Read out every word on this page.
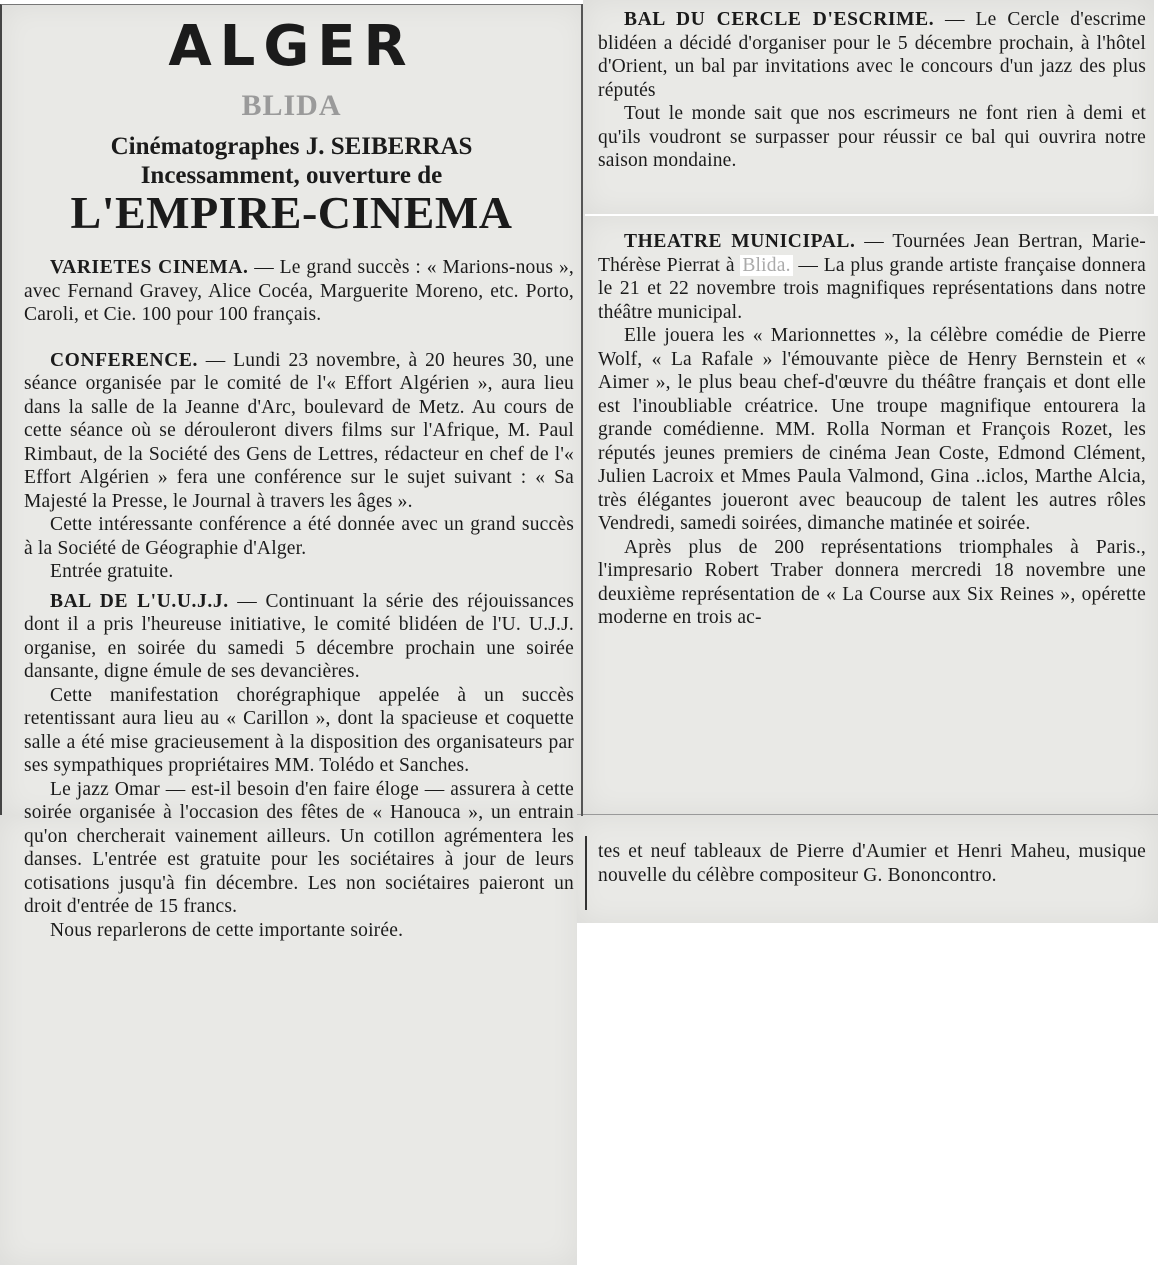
ALGER
BLIDA
Cinématographes J. SEIBERRAS
Incessamment, ouverture de
L'EMPIRE-CINEMA

VARIETES CINEMA. — Le grand succès : « Marions-nous », avec Fernand Gravey, Alice Cocéa, Marguerite Moreno, etc. Porto, Caroli, et Cie. 100 pour 100 français.

CONFERENCE. — Lundi 23 novembre, à 20 heures 30, une séance organisée par le comité de l'« Effort Algérien », aura lieu dans la salle de la Jeanne d'Arc, boulevard de Metz. Au cours de cette séance où se dérouleront divers films sur l'Afrique, M. Paul Rimbaut, de la Société des Gens de Lettres, rédacteur en chef de l'« Effort Algérien » fera une conférence sur le sujet suivant : « Sa Majesté la Presse, le Journal à travers les âges ».

Cette intéressante conférence a été donnée avec un grand succès à la Société de Géographie d'Alger.

Entrée gratuite.

BAL DE L'U.U.J.J. — Continuant la série des réjouissances dont il a pris l'heureuse initiative, le comité blidéen de l'U. U.J.J. organise, en soirée du samedi 5 décembre prochain une soirée dansante, digne émule de ses devancières.

Cette manifestation chorégraphique appelée à un succès retentissant aura lieu au « Carillon », dont la spacieuse et coquette salle a été mise gracieusement à la disposition des organisateurs par ses sympathiques propriétaires MM. Tolédo et Sanches.

Le jazz Omar — est-il besoin d'en faire éloge — assurera à cette soirée organisée à l'occasion des fêtes de « Hanouca », un entrain qu'on chercherait vainement ailleurs. Un cotillon agrémentera les danses. L'entrée est gratuite pour les sociétaires à jour de leurs cotisations jusqu'à fin décembre. Les non sociétaires paieront un droit d'entrée de 15 francs.

Nous reparlerons de cette importante soirée.

BAL DU CERCLE D'ESCRIME. — Le Cercle d'escrime blidéen a décidé d'organiser pour le 5 décembre prochain, à l'hôtel d'Orient, un bal par invitations avec le concours d'un jazz des plus réputés

Tout le monde sait que nos escrimeurs ne font rien à demi et qu'ils voudront se surpasser pour réussir ce bal qui ouvrira notre saison mondaine.

THEATRE MUNICIPAL. — Tournées Jean Bertran, Marie-Thérèse Pierrat à Blida. — La plus grande artiste française donnera le 21 et 22 novembre trois magnifiques représentations dans notre théâtre municipal.

Elle jouera les « Marionnettes », la célèbre comédie de Pierre Wolf, « La Rafale » l'émouvante pièce de Henry Bernstein et « Aimer », le plus beau chef-d'œuvre du théâtre français et dont elle est l'inoubliable créatrice. Une troupe magnifique entourera la grande comédienne. MM. Rolla Norman et François Rozet, les réputés jeunes premiers de cinéma Jean Coste, Edmond Clément, Julien Lacroix et Mmes Paula Valmond, Gina ..iclos, Marthe Alcia, très élégantes joueront avec beaucoup de talent les autres rôles Vendredi, samedi soirées, dimanche matinée et soirée.

Après plus de 200 représentations triomphales à Paris., l'impresario Robert Traber donnera mercredi 18 novembre une deuxième représentation de « La Course aux Six Reines », opérette moderne en trois ac-

tes et neuf tableaux de Pierre d'Aumier et Henri Maheu, musique nouvelle du célèbre compositeur G. Bononcontro.
